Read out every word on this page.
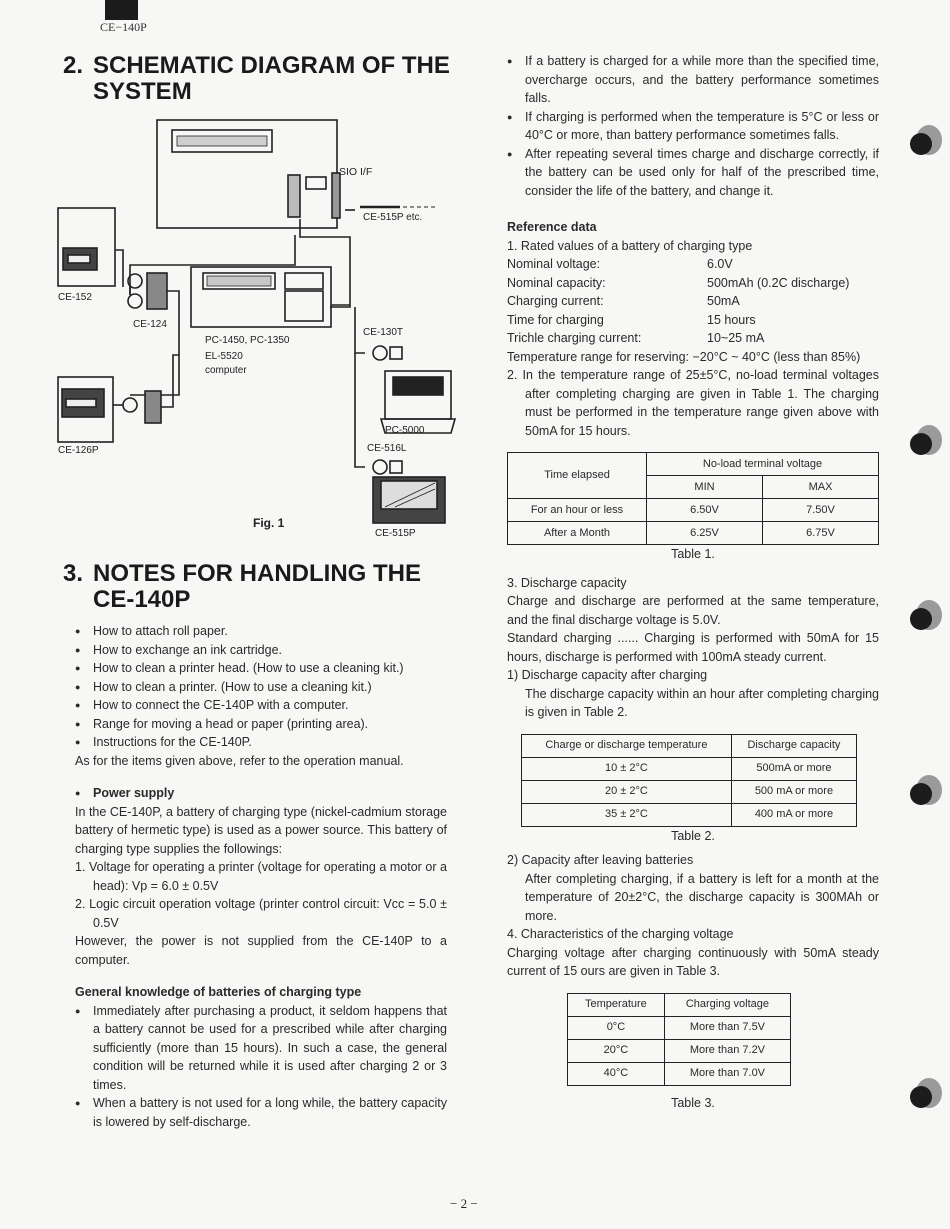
CE−140P
2. SCHEMATIC DIAGRAM OF THE
SYSTEM
SIO I/F
CE-515P etc.
CE-152
CE-124
PC-1450, PC-1350
EL-5520
computer
CE-130T
CE-126P
PC-5000
CE-516L
CE-515P
Fig. 1
3. NOTES FOR HANDLING THE
CE-140P
● How to attach roll paper.
● How to exchange an ink cartridge.
● How to clean a printer head. (How to use a cleaning kit.)
● How to clean a printer. (How to use a cleaning kit.)
● How to connect the CE-140P with a computer.
● Range for moving a head or paper (printing area).
● Instructions for the CE-140P.
As for the items given above, refer to the operation manual.
● Power supply
In the CE-140P, a battery of charging type (nickel-cadmium storage battery of hermetic type) is used as a power source. This battery of charging type supplies the followings:
1. Voltage for operating a printer (voltage for operating a motor or a head): Vp = 6.0 ± 0.5V
2. Logic circuit operation voltage (printer control circuit: Vcc = 5.0 ± 0.5V
However, the power is not supplied from the CE-140P to a computer.
General knowledge of batteries of charging type
● Immediately after purchasing a product, it seldom happens that a battery cannot be used for a prescribed while after charging sufficiently (more than 15 hours). In such a case, the general condition will be returned while it is used after charging 2 or 3 times.
● When a battery is not used for a long while, the battery capacity is lowered by self-discharge.
● If a battery is charged for a while more than the specified time, overcharge occurs, and the battery performance sometimes falls.
● If charging is performed when the temperature is 5°C or less or 40°C or more, than battery performance sometimes falls.
● After repeating several times charge and discharge correctly, if the battery can be used only for half of the prescribed time, consider the life of the battery, and change it.
Reference data
1. Rated values of a battery of charging type
Nominal voltage:	6.0V
Nominal capacity:	500mAh (0.2C discharge)
Charging current:	50mA
Time for charging	15 hours
Trichle charging current:	10~25 mA
Temperature range for reserving: −20°C ~ 40°C (less than 85%)
2. In the temperature range of 25±5°C, no-load terminal voltages after completing charging are given in Table 1. The charging must be performed in the temperature range given above with 50mA for 15 hours.
Time elapsed	No-load terminal voltage	
	MIN	MAX
For an hour or less	6.50V	7.50V
After a Month	6.25V	6.75V
Table 1.
3. Discharge capacity
Charge and discharge are performed at the same temperature, and the final discharge voltage is 5.0V.
Standard charging ...... Charging is performed with 50mA for 15 hours, discharge is performed with 100mA steady current.
1) Discharge capacity after charging
The discharge capacity within an hour after completing charging is given in Table 2.
Charge or discharge temperature	Discharge capacity
10 ± 2°C	500mA or more
20 ± 2°C	500 mA or more
35 ± 2°C	400 mA or more
Table 2.
2) Capacity after leaving batteries
After completing charging, if a battery is left for a month at the temperature of 20±2°C, the discharge capacity is 300MAh or more.
4. Characteristics of the charging voltage
Charging voltage after charging continuously with 50mA steady current of 15 ours are given in Table 3.
Temperature	Charging voltage
0°C	More than 7.5V
20°C	More than 7.2V
40°C	More than 7.0V
Table 3.
− 2 −
